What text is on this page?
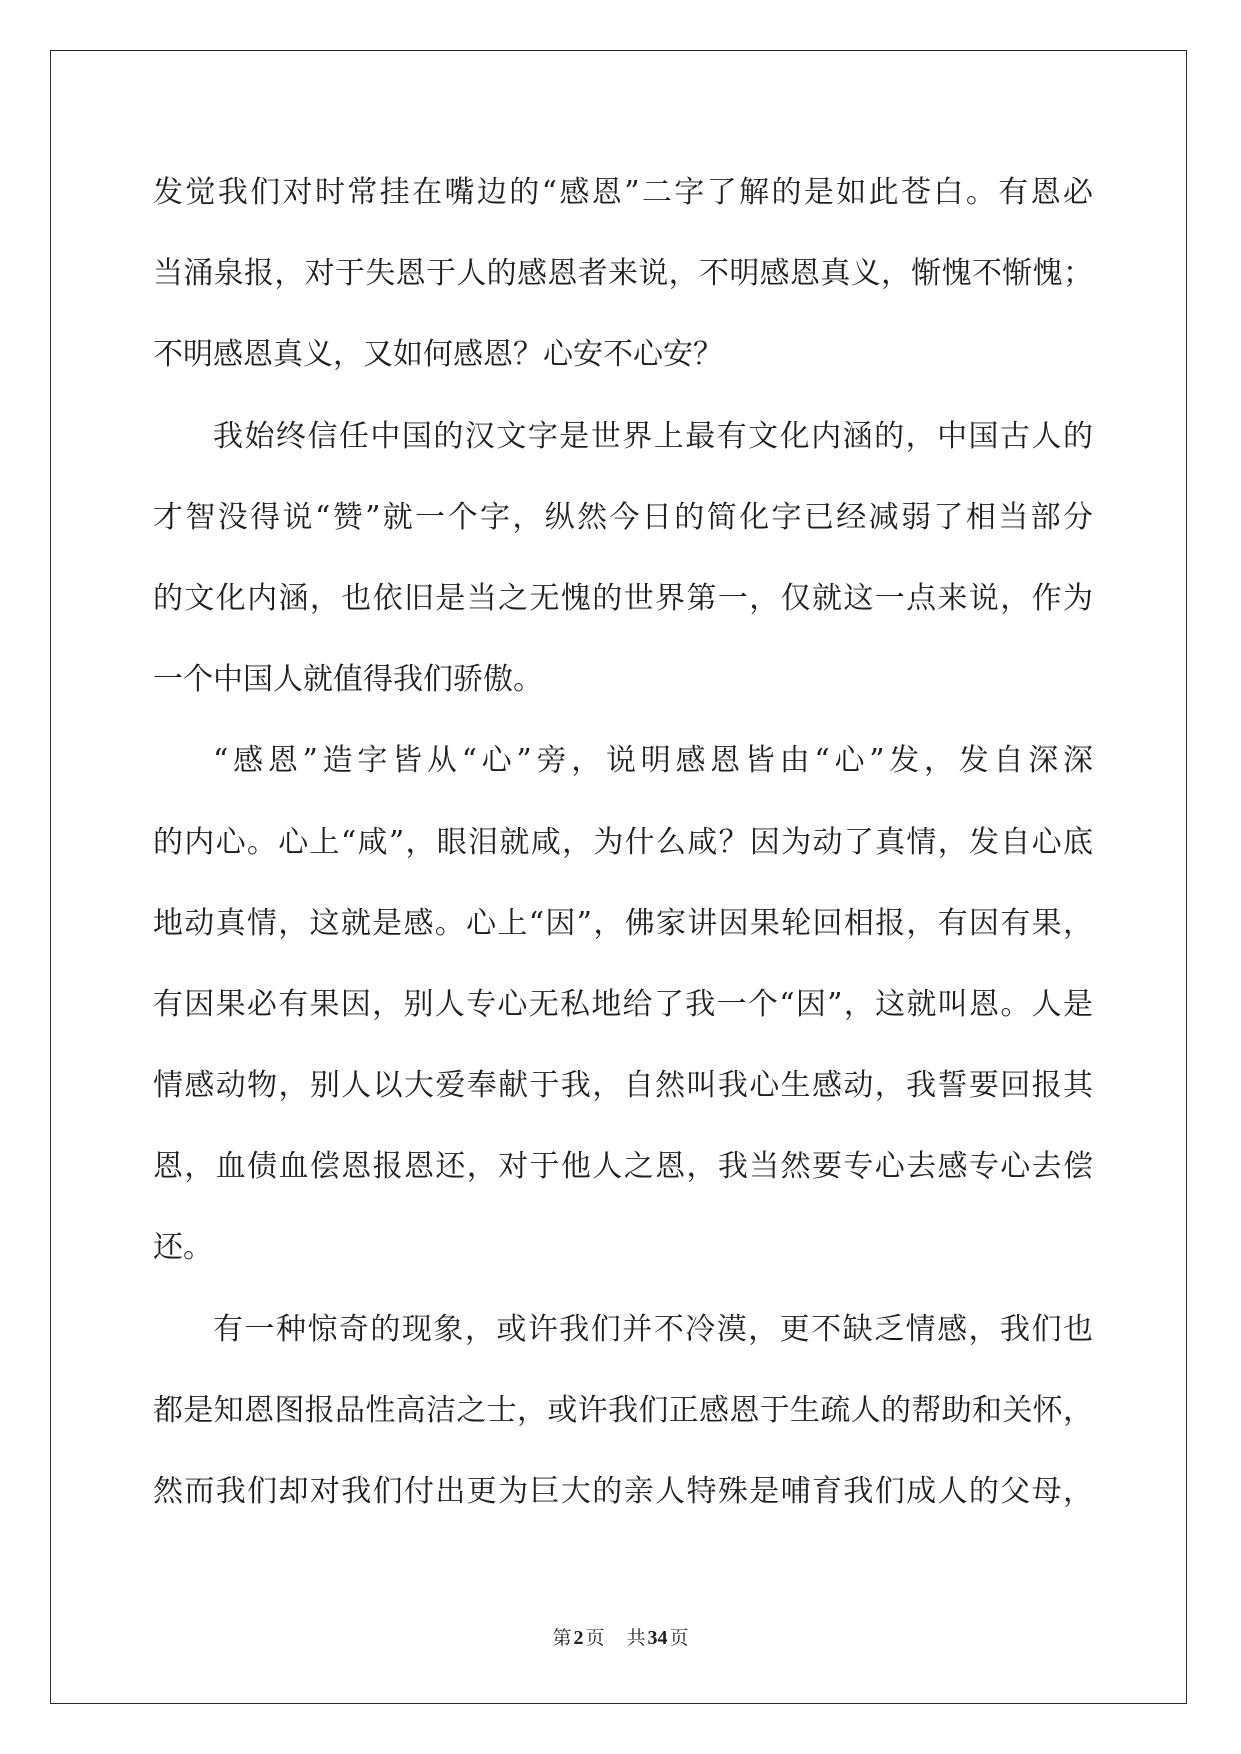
发觉我们对时常挂在嘴边的“感恩”二字了解的是如此苍白。有恩必
当涌泉报，对于失恩于人的感恩者来说，不明感恩真义，惭愧不惭愧；
不明感恩真义，又如何感恩？心安不心安？
我始终信任中国的汉文字是世界上最有文化内涵的，中国古人的
才智没得说“赞”就一个字，纵然今日的简化字已经减弱了相当部分
的文化内涵，也依旧是当之无愧的世界第一，仅就这一点来说，作为
一个中国人就值得我们骄傲。
“感恩”造字皆从“心”旁，说明感恩皆由“心”发，发自深深
的内心。心上“咸”，眼泪就咸，为什么咸？因为动了真情，发自心底
地动真情，这就是感。心上“因”，佛家讲因果轮回相报，有因有果，
有因果必有果因，别人专心无私地给了我一个“因”，这就叫恩。人是
情感动物，别人以大爱奉献于我，自然叫我心生感动，我誓要回报其
恩，血债血偿恩报恩还，对于他人之恩，我当然要专心去感专心去偿
还。
有一种惊奇的现象，或许我们并不冷漠，更不缺乏情感，我们也
都是知恩图报品性高洁之士，或许我们正感恩于生疏人的帮助和关怀，
然而我们却对我们付出更为巨大的亲人特殊是哺育我们成人的父母，
第 2 页 共 34 页
